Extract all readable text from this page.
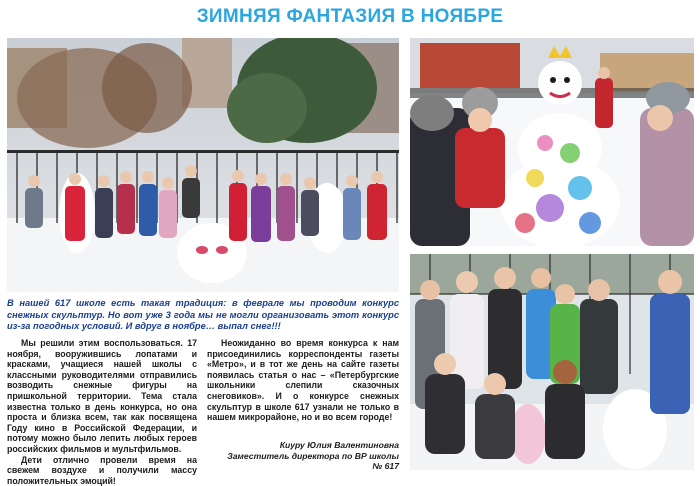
ЗИМНЯЯ ФАНТАЗИЯ В НОЯБРЕ
В нашей 617 школе есть такая традиция: в феврале мы проводим конкурс снежных скульптур. Но вот уже 3 года мы не могли организовать этот конкурс из-за погодных условий. И вдруг в ноябре… выпал снег!!!

Мы решили этим воспользоваться. 17 ноября, вооружившись лопатами и красками, учащиеся нашей школы с классными руководителями отправились возводить снежные фигуры на пришкольной территории. Тема стала известна только в день конкурса, но она проста и близка всем, так как посвящена Году кино в Российской Федерации, и потому можно было лепить любых героев российских фильмов и мультфильмов.

Дети отлично провели время на свежем воздухе и получили массу положительных эмоций!

Неожиданно во время конкурса к нам присоединились корреспонденты газеты «Метро», и в тот же день на сайте газеты появилась статья о нас – «Петербургские школьники слепили сказочных снеговиков». И о конкурсе снежных скульптур в школе 617 узнали не только в нашем микрорайоне, но и во всем городе!

Киуру Юлия Валентиновна
Заместитель директора по ВР школы
№ 617
